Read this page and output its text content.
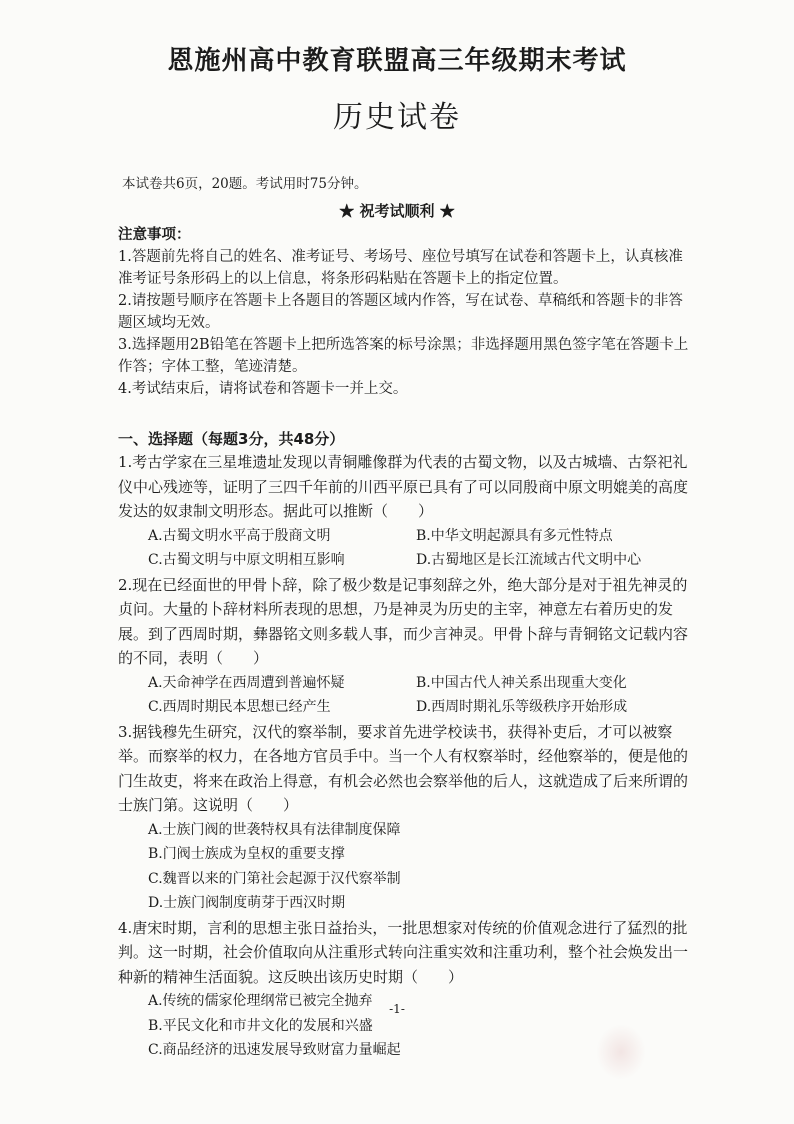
恩施州高中教育联盟高三年级期末考试
历史试卷
本试卷共6页，20题。考试用时75分钟。
★ 祝考试顺利 ★

注意事项：

1.答题前先将自己的姓名、准考证号、考场号、座位号填写在试卷和答题卡上，认真核准准考证号条形码上的以上信息，将条形码粘贴在答题卡上的指定位置。

2.请按题号顺序在答题卡上各题目的答题区域内作答，写在试卷、草稿纸和答题卡的非答题区域均无效。

3.选择题用2B铅笔在答题卡上把所选答案的标号涂黑；非选择题用黑色签字笔在答题卡上作答；字体工整，笔迹清楚。

4.考试结束后，请将试卷和答题卡一并上交。

一、选择题（每题3分，共48分）

1.考古学家在三星堆遗址发现以青铜雕像群为代表的古蜀文物，以及古城墙、古祭祀礼仪中心残迹等，证明了三四千年前的川西平原已具有了可以同殷商中原文明媲美的高度发达的奴隶制文明形态。据此可以推断（　　）

A.古蜀文明水平高于殷商文明	B.中华文明起源具有多元性特点
C.古蜀文明与中原文明相互影响	D.古蜀地区是长江流域古代文明中心

2.现在已经面世的甲骨卜辞，除了极少数是记事刻辞之外，绝大部分是对于祖先神灵的贞问。大量的卜辞材料所表现的思想，乃是神灵为历史的主宰，神意左右着历史的发展。到了西周时期，彝器铭文则多载人事，而少言神灵。甲骨卜辞与青铜铭文记载内容的不同，表明（　　）

A.天命神学在西周遭到普遍怀疑	B.中国古代人神关系出现重大变化
C.西周时期民本思想已经产生	D.西周时期礼乐等级秩序开始形成

3.据钱穆先生研究，汉代的察举制，要求首先进学校读书，获得补吏后，才可以被察举。而察举的权力，在各地方官员手中。当一个人有权察举时，经他察举的，便是他的门生故吏，将来在政治上得意，有机会必然也会察举他的后人，这就造成了后来所谓的士族门第。这说明（　　）

A.士族门阀的世袭特权具有法律制度保障
B.门阀士族成为皇权的重要支撑
C.魏晋以来的门第社会起源于汉代察举制
D.士族门阀制度萌芽于西汉时期

4.唐宋时期，言利的思想主张日益抬头，一批思想家对传统的价值观念进行了猛烈的批判。这一时期，社会价值取向从注重形式转向注重实效和注重功利，整个社会焕发出一种新的精神生活面貌。这反映出该历史时期（　　）

A.传统的儒家伦理纲常已被完全抛弃
B.平民文化和市井文化的发展和兴盛
C.商品经济的迅速发展导致财富力量崛起
-1-
